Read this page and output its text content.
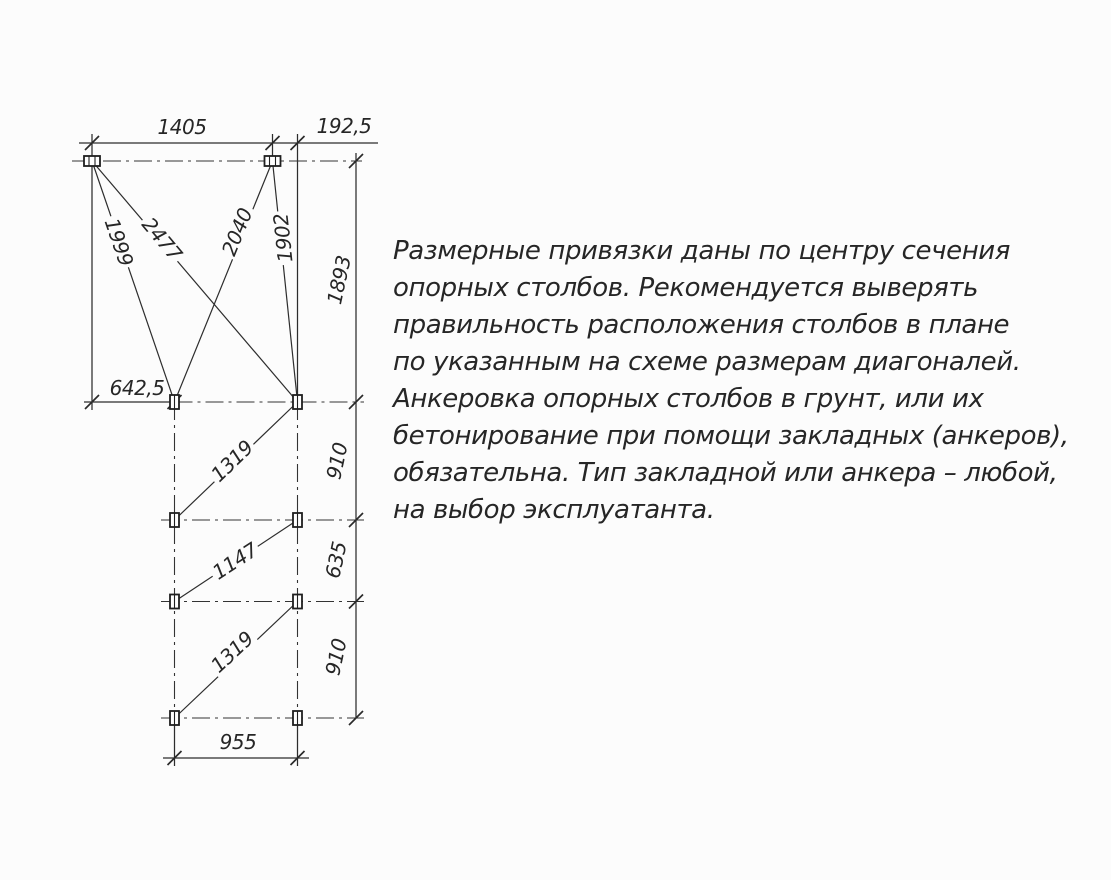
1405	192,5
642,5
955
1893
910
635
910
1999
2477 2040 1902
1319
1147
1319
Размерные привязки даны по центру сечения
опорных столбов. Рекомендуется выверять
правильность расположения столбов в плане
по указанным на схеме размерам диагоналей.
Анкеровка опорных столбов в грунт, или их
бетонирование при помощи закладных (анкеров),
обязательна. Тип закладной или анкера – любой,
на выбор эксплуатанта.
